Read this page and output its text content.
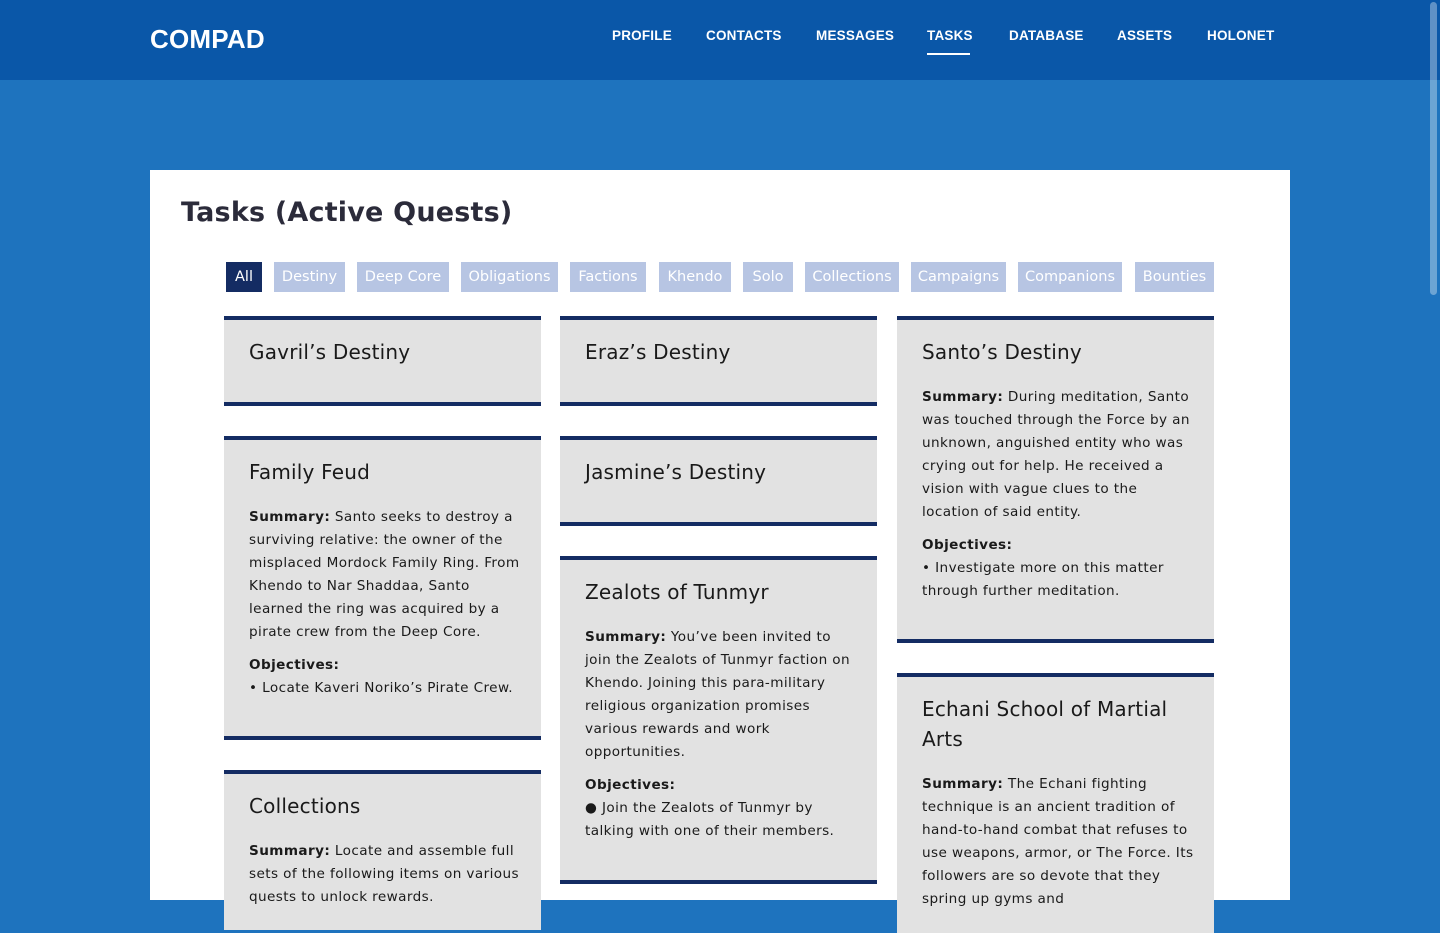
COMPAD	PROFILE	CONTACTS	MESSAGES TASKS	DATABASE ASSETS	HOLONET
Tasks (Active Quests)
All	Destiny	Deep Core	Obligations	Factions	Khendo	Solo	Collections	Campaigns	Companions	Bounties
Gavril’s Destiny
Family Feud
Summary: Santo seeks to destroy a surviving relative: the owner of the misplaced Mordock Family Ring. From Khendo to Nar Shaddaa, Santo learned the ring was acquired by a pirate crew from the Deep Core.
Objectives:
• Locate Kaveri Noriko’s Pirate Crew.
Collections
Summary: Locate and assemble full sets of the following items on various quests to unlock rewards.
Eraz’s Destiny
Jasmine’s Destiny
Zealots of Tunmyr
Summary: You’ve been invited to join the Zealots of Tunmyr faction on Khendo. Joining this para-military religious organization promises various rewards and work opportunities.
Objectives:
● Join the Zealots of Tunmyr by talking with one of their members.
Santo’s Destiny
Summary: During meditation, Santo was touched through the Force by an unknown, anguished entity who was crying out for help. He received a vision with vague clues to the location of said entity.
Objectives:
• Investigate more on this matter through further meditation.
Echani School of Martial Arts
Summary: The Echani fighting technique is an ancient tradition of hand-to-hand combat that refuses to use weapons, armor, or The Force. Its followers are so devote that they spring up gyms and
